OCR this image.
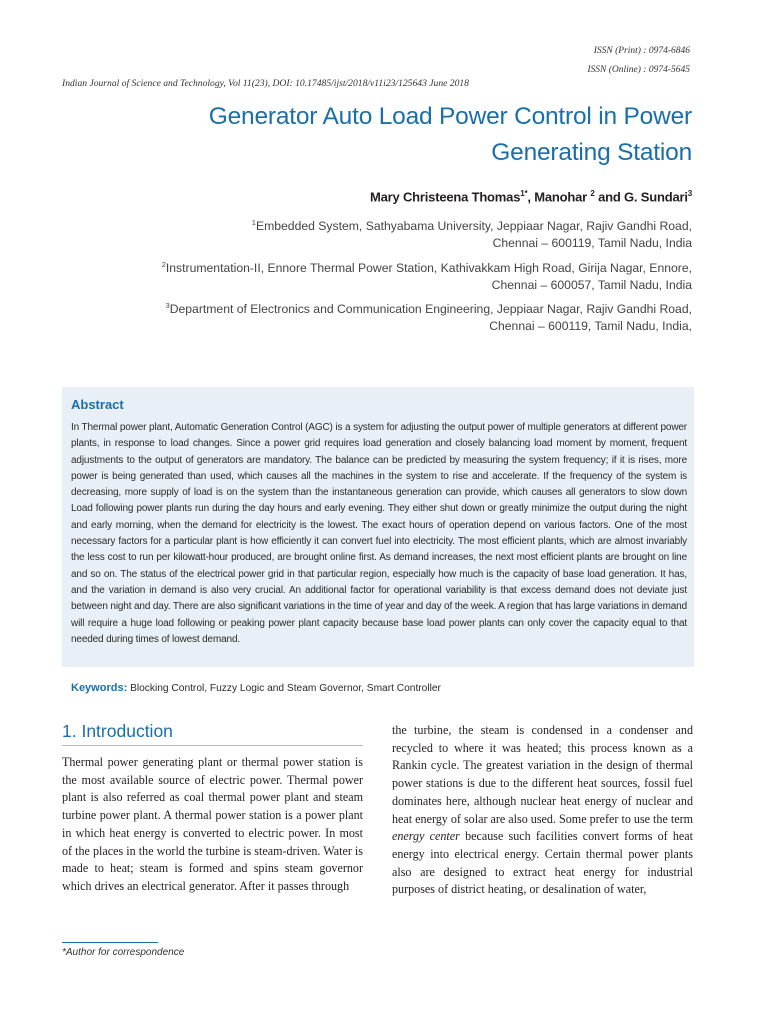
ISSN (Print) : 0974-6846
ISSN (Online) : 0974-5645
Indian Journal of Science and Technology, Vol 11(23), DOI: 10.17485/ijst/2018/v11i23/125643 June 2018
Generator Auto Load Power Control in Power
Generating Station
Mary Christeena Thomas$^{1*}$, Manohar $^2$ and G. Sundari$^3$
$^1$Embedded System, Sathyabama University, Jeppiaar Nagar, Rajiv Gandhi Road,
Chennai – 600119, Tamil Nadu, India
$^2$Instrumentation-II, Ennore Thermal Power Station, Kathivakkam High Road, Girija Nagar, Ennore,
Chennai – 600057, Tamil Nadu, India
$^3$Department of Electronics and Communication Engineering, Jeppiaar Nagar, Rajiv Gandhi Road,
Chennai – 600119, Tamil Nadu, India,
Abstract
In Thermal power plant, Automatic Generation Control (AGC) is a system for adjusting the output power of multiple generators at different power plants, in response to load changes. Since a power grid requires load generation and closely balancing load moment by moment, frequent adjustments to the output of generators are mandatory. The balance can be predicted by measuring the system frequency; if it is rises, more power is being generated than used, which causes all the machines in the system to rise and accelerate. If the frequency of the system is decreasing, more supply of load is on the system than the instantaneous generation can provide, which causes all generators to slow down Load following power plants run during the day hours and early evening. They either shut down or greatly minimize the output during the night and early morning, when the demand for electricity is the lowest. The exact hours of operation depend on various factors. One of the most necessary factors for a particular plant is how efficiently it can convert fuel into electricity. The most efficient plants, which are almost invariably the less cost to run per kilowatt-hour produced, are brought online first. As demand increases, the next most efficient plants are brought on line and so on. The status of the electrical power grid in that particular region, especially how much is the capacity of base load generation. It has, and the variation in demand is also very crucial. An additional factor for operational variability is that excess demand does not deviate just between night and day. There are also significant variations in the time of year and day of the week. A region that has large variations in demand will require a huge load following or peaking power plant capacity because base load power plants can only cover the capacity equal to that needed during times of lowest demand.
Keywords: Blocking Control, Fuzzy Logic and Steam Governor, Smart Controller
1. Introduction
Thermal power generating plant or thermal power station is the most available source of electric power. Thermal power plant is also referred as coal thermal power plant and steam turbine power plant. A thermal power station is a power plant in which heat energy is converted to electric power. In most of the places in the world the turbine is steam-driven. Water is made to heat; steam is formed and spins steam governor which drives an electrical generator. After it passes through
the turbine, the steam is condensed in a condenser and recycled to where it was heated; this process known as a Rankin cycle. The greatest variation in the design of thermal power stations is due to the different heat sources, fossil fuel dominates here, although nuclear heat energy of nuclear and heat energy of solar are also used. Some prefer to use the term energy center because such facilities convert forms of heat energy into electrical energy. Certain thermal power plants also are designed to extract heat energy for industrial purposes of district heating, or desalination of water,
*Author for correspondence
